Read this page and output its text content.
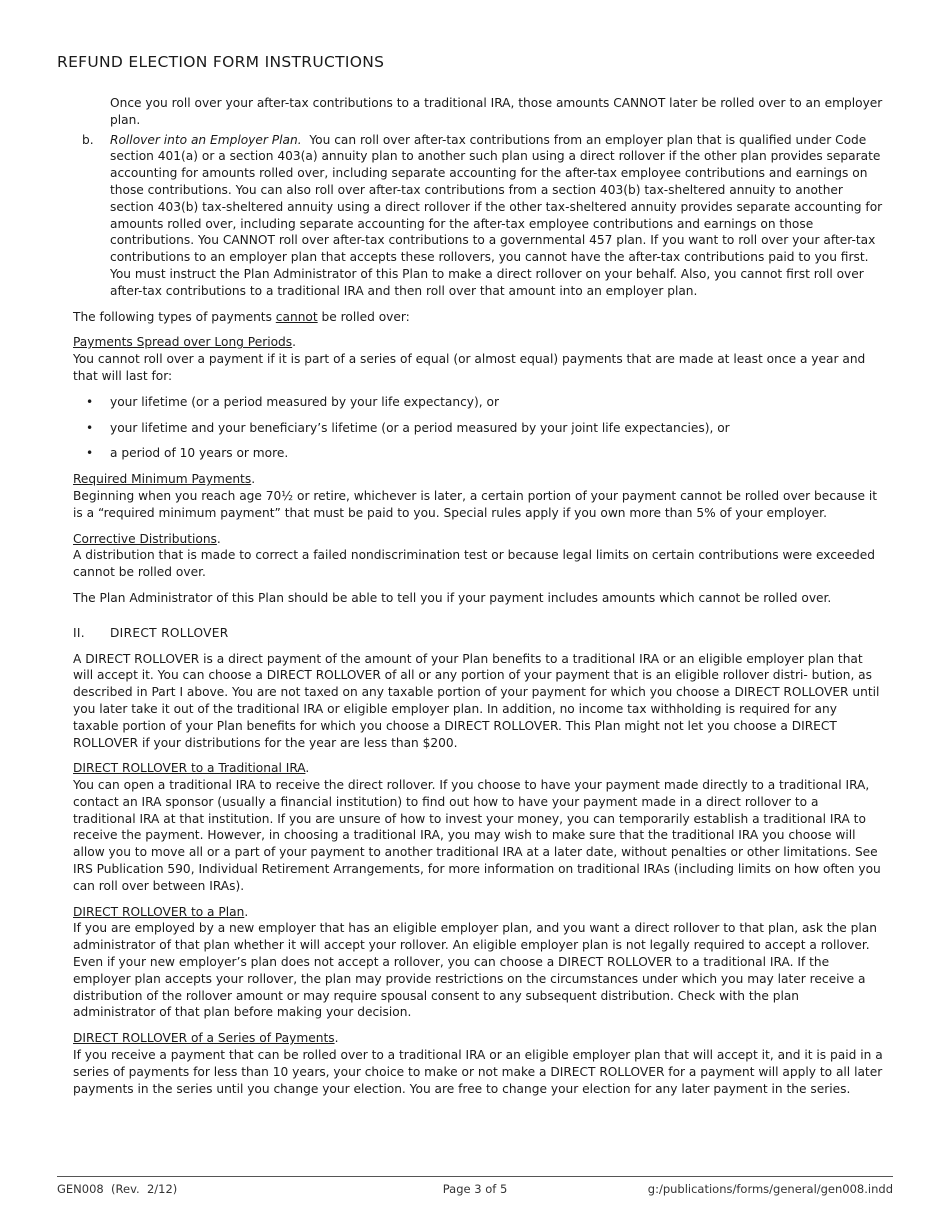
REFUND ELECTION FORM INSTRUCTIONS

Once you roll over your after-tax contributions to a traditional IRA, those amounts CANNOT later be rolled over to an employer plan.

b. Rollover into an Employer Plan. You can roll over after-tax contributions from an employer plan that is qualified under Code section 401(a) or a section 403(a) annuity plan to another such plan using a direct rollover if the other plan provides separate accounting for amounts rolled over, including separate accounting for the after-tax employee contributions and earnings on those contributions. You can also roll over after-tax contributions from a section 403(b) tax-sheltered annuity to another section 403(b) tax-sheltered annuity using a direct rollover if the other tax-sheltered annuity provides separate accounting for amounts rolled over, including separate accounting for the after-tax employee contributions and earnings on those contributions. You CANNOT roll over after-tax contributions to a governmental 457 plan. If you want to roll over your after-tax contributions to an employer plan that accepts these rollovers, you cannot have the after-tax contributions paid to you first. You must instruct the Plan Administrator of this Plan to make a direct rollover on your behalf. Also, you cannot first roll over after-tax contributions to a traditional IRA and then roll over that amount into an employer plan.

The following types of payments cannot be rolled over:

Payments Spread over Long Periods.
You cannot roll over a payment if it is part of a series of equal (or almost equal) payments that are made at least once a year and that will last for:

• your lifetime (or a period measured by your life expectancy), or
• your lifetime and your beneficiary’s lifetime (or a period measured by your joint life expectancies), or
• a period of 10 years or more.

Required Minimum Payments.
Beginning when you reach age 70½ or retire, whichever is later, a certain portion of your payment cannot be rolled over because it is a “required minimum payment” that must be paid to you. Special rules apply if you own more than 5% of your employer.

Corrective Distributions.
A distribution that is made to correct a failed nondiscrimination test or because legal limits on certain contributions were exceeded cannot be rolled over.

The Plan Administrator of this Plan should be able to tell you if your payment includes amounts which cannot be rolled over.

II. DIRECT ROLLOVER

A DIRECT ROLLOVER is a direct payment of the amount of your Plan benefits to a traditional IRA or an eligible employer plan that will accept it. You can choose a DIRECT ROLLOVER of all or any portion of your payment that is an eligible rollover distri- bution, as described in Part I above. You are not taxed on any taxable portion of your payment for which you choose a DIRECT ROLLOVER until you later take it out of the traditional IRA or eligible employer plan. In addition, no income tax withholding is required for any taxable portion of your Plan benefits for which you choose a DIRECT ROLLOVER. This Plan might not let you choose a DIRECT ROLLOVER if your distributions for the year are less than $200.

DIRECT ROLLOVER to a Traditional IRA.
You can open a traditional IRA to receive the direct rollover. If you choose to have your payment made directly to a traditional IRA, contact an IRA sponsor (usually a financial institution) to find out how to have your payment made in a direct rollover to a traditional IRA at that institution. If you are unsure of how to invest your money, you can temporarily establish a traditional IRA to receive the payment. However, in choosing a traditional IRA, you may wish to make sure that the traditional IRA you choose will allow you to move all or a part of your payment to another traditional IRA at a later date, without penalties or other limitations. See IRS Publication 590, Individual Retirement Arrangements, for more information on traditional IRAs (including limits on how often you can roll over between IRAs).

DIRECT ROLLOVER to a Plan.
If you are employed by a new employer that has an eligible employer plan, and you want a direct rollover to that plan, ask the plan administrator of that plan whether it will accept your rollover. An eligible employer plan is not legally required to accept a rollover. Even if your new employer’s plan does not accept a rollover, you can choose a DIRECT ROLLOVER to a traditional IRA. If the employer plan accepts your rollover, the plan may provide restrictions on the circumstances under which you may later receive a distribution of the rollover amount or may require spousal consent to any subsequent distribution. Check with the plan administrator of that plan before making your decision.

DIRECT ROLLOVER of a Series of Payments.
If you receive a payment that can be rolled over to a traditional IRA or an eligible employer plan that will accept it, and it is paid in a series of payments for less than 10 years, your choice to make or not make a DIRECT ROLLOVER for a payment will apply to all later payments in the series until you change your election. You are free to change your election for any later payment in the series.

GEN008  (Rev.  2/12)	Page 3 of 5	g:/publications/forms/general/gen008.indd
